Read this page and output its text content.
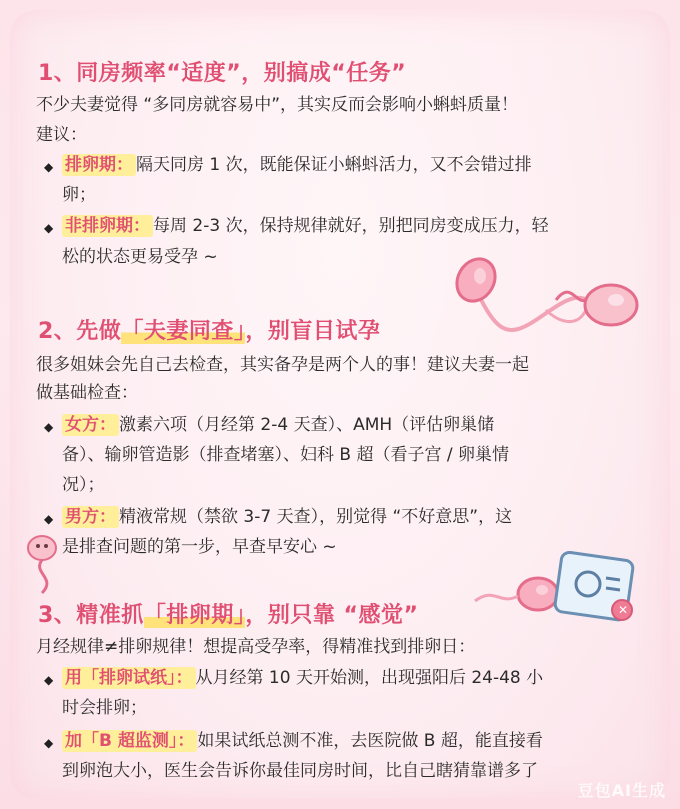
1、同房频率“适度”，别搞成“任务”

不少夫妻觉得 “多同房就容易中”，其实反而会影响小蝌蚪质量！

建议：

◆ 排卵期： 隔天同房 1 次，既能保证小蝌蚪活力，又不会错过排
卵；
◆ 非排卵期： 每周 2-3 次，保持规律就好，别把同房变成压力，轻
松的状态更易受孕 ~
2、先做「夫妻同查」，别盲目试孕

很多姐妹会先自己去检查，其实备孕是两个人的事！建议夫妻一起

做基础检查：

◆ 女方： 激素六项（月经第 2-4 天查）、AMH（评估卵巢储
备）、输卵管造影（排查堵塞）、妇科 B 超（看子宫 / 卵巢情
况）；
◆ 男方： 精液常规（禁欲 3-7 天查），别觉得 “不好意思”，这
是排查问题的第一步，早查早安心 ~
✕
3、精准抓「排卵期」，别只靠 “感觉”

月经规律≠排卵规律！想提高受孕率，得精准找到排卵日：

◆ 用「排卵试纸」： 从月经第 10 天开始测，出现强阳后 24-48 小
时会排卵；
◆ 加「B 超监测」： 如果试纸总测不准，去医院做 B 超，能直接看
到卵泡大小，医生会告诉你最佳同房时间，比自己瞎猜靠谱多了
豆包AI生成
